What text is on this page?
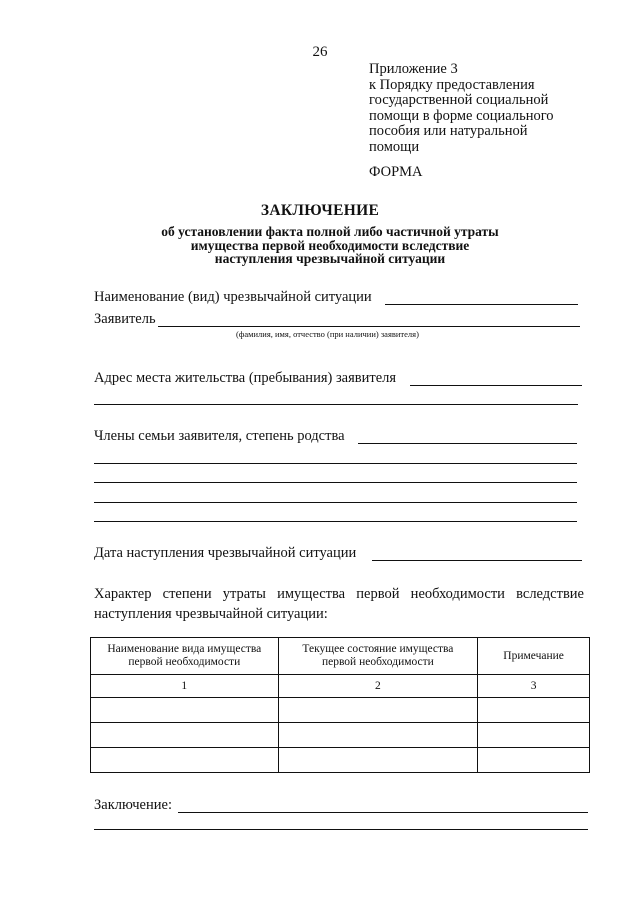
26
Приложение 3
к Порядку предоставления
государственной социальной
помощи в форме социального
пособия или натуральной
помощи
ФОРМА
ЗАКЛЮЧЕНИЕ
об установлении факта полной либо частичной утраты
имущества первой необходимости вследствие
наступления чрезвычайной ситуации
Наименование (вид) чрезвычайной ситуации
Заявитель
(фамилия, имя, отчество (при наличии) заявителя)
Адрес места жительства (пребывания) заявителя
Члены семьи заявителя, степень родства
Дата наступления чрезвычайной ситуации
Характер степени утраты имущества первой необходимости вследствие наступления чрезвычайной ситуации:
Наименование вида имущества первой необходимости	Текущее состояние имущества первой необходимости	Примечание
1	2	3

Заключение:
